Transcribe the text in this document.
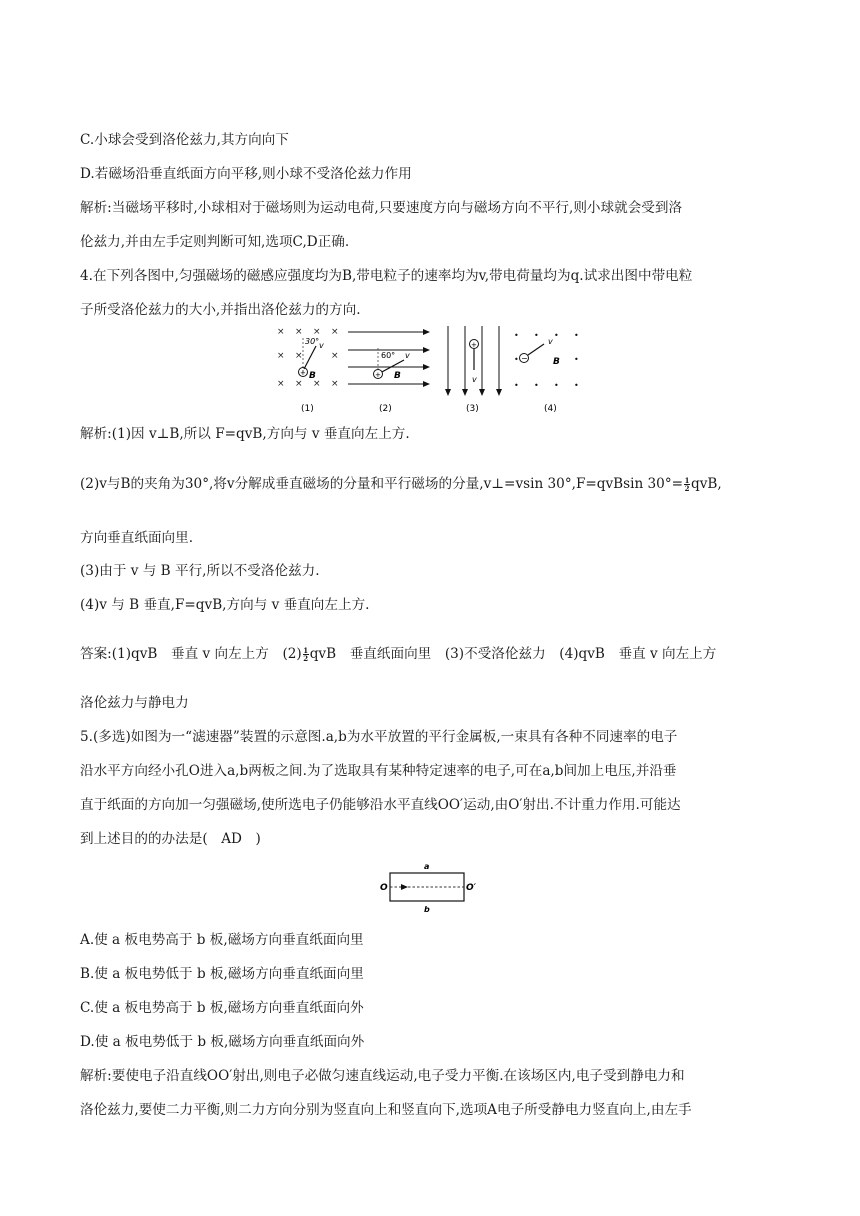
C.小球会受到洛伦兹力,其方向向下
D.若磁场沿垂直纸面方向平移,则小球不受洛伦兹力作用
解析:当磁场平移时,小球相对于磁场则为运动电荷,只要速度方向与磁场方向不平行,则小球就会受到洛
伦兹力,并由左手定则判断可知,选项C,D正确.
4.在下列各图中,匀强磁场的磁感应强度均为B,带电粒子的速率均为v,带电荷量均为q.试求出图中带电粒
子所受洛伦兹力的大小,并指出洛伦兹力的方向.
× × × ×
× ×	×
× × × ×
+
30° v
B
(1)
+
60° v
B
(2)
+
v
(3)
• • • •
•	•
• • • •
−
v
B
(4)
解析:(1)因 v⊥B,所以 F=qvB,方向与 v 垂直向左上方.
(2)v与B的夹角为30°,将v分解成垂直磁场的分量和平行磁场的分量,v⊥=vsin 30°,F=qvBsin $30^\circ= \frac{1}{2}$ qvB,
方向垂直纸面向里.
(3)由于 v 与 B 平行,所以不受洛伦兹力.
(4)v 与 B 垂直,F=qvB,方向与 v 垂直向左上方.
答案:(1)qvB　垂直 v 向左上方　$(2) \frac{1}{2}$ qvB　垂直纸面向里　(3)不受洛伦兹力　(4)qvB　垂直 v 向左上方
洛伦兹力与静电力
5.(多选)如图为一“滤速器”装置的示意图.a,b为水平放置的平行金属板,一束具有各种不同速率的电子
沿水平方向经小孔O进入a,b两板之间.为了选取具有某种特定速率的电子,可在a,b间加上电压,并沿垂
直于纸面的方向加一匀强磁场,使所选电子仍能够沿水平直线OO′运动,由O′射出.不计重力作用.可能达
到上述目的的办法是(　AD　)
a
b
O	O′
A.使 a 板电势高于 b 板,磁场方向垂直纸面向里
B.使 a 板电势低于 b 板,磁场方向垂直纸面向里
C.使 a 板电势高于 b 板,磁场方向垂直纸面向外
D.使 a 板电势低于 b 板,磁场方向垂直纸面向外
解析:要使电子沿直线OO′射出,则电子必做匀速直线运动,电子受力平衡.在该场区内,电子受到静电力和
洛伦兹力,要使二力平衡,则二力方向分别为竖直向上和竖直向下,选项A电子所受静电力竖直向上,由左手
